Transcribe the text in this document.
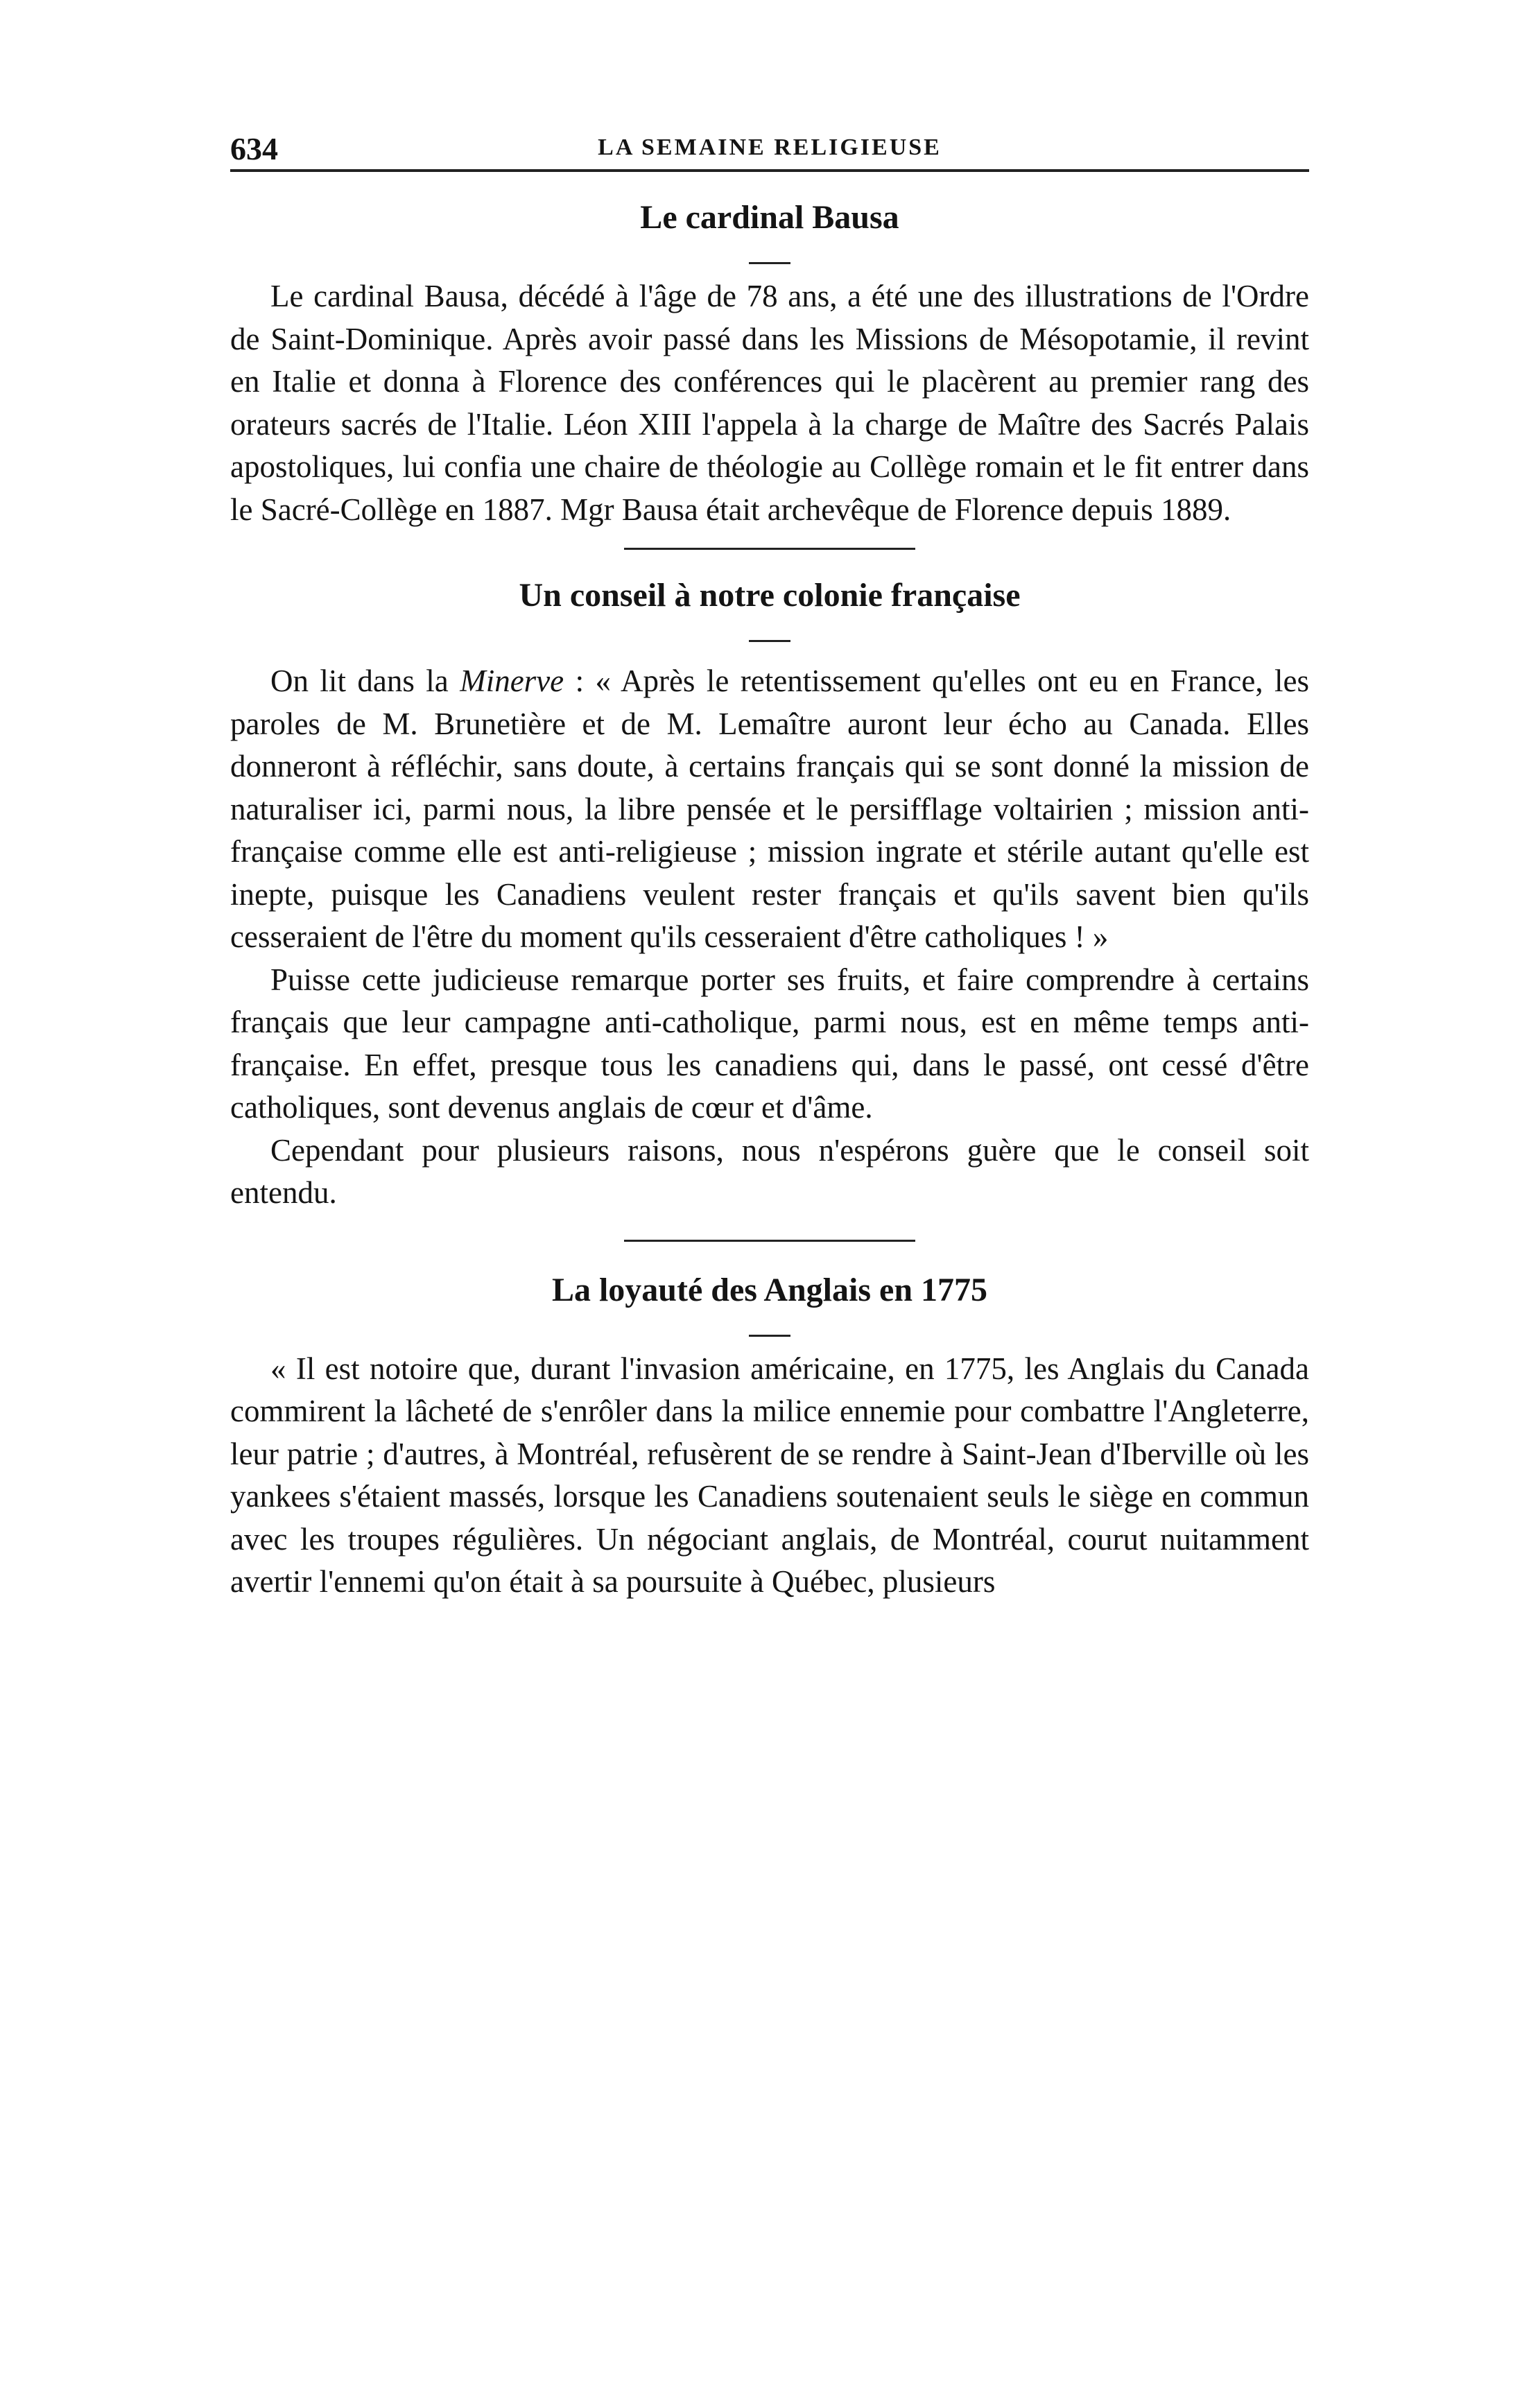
634	LA SEMAINE RELIGIEUSE
Le cardinal Bausa

Le cardinal Bausa, décédé à l'âge de 78 ans, a été une des illustrations de l'Ordre de Saint-Dominique. Après avoir passé dans les Missions de Mésopotamie, il revint en Italie et donna à Florence des conférences qui le placèrent au premier rang des orateurs sacrés de l'Italie. Léon XIII l'appela à la charge de Maître des Sacrés Palais apostoliques, lui confia une chaire de théologie au Collège romain et le fit entrer dans le Sacré-Collège en 1887. Mgr Bausa était archevêque de Florence depuis 1889.

Un conseil à notre colonie française

On lit dans la Minerve : « Après le retentissement qu'elles ont eu en France, les paroles de M. Brunetière et de M. Lemaître auront leur écho au Canada. Elles donneront à réfléchir, sans doute, à certains français qui se sont donné la mission de naturaliser ici, parmi nous, la libre pensée et le persifflage voltairien ; mission anti-française comme elle est anti-religieuse ; mission ingrate et stérile autant qu'elle est inepte, puisque les Canadiens veulent rester français et qu'ils savent bien qu'ils cesseraient de l'être du moment qu'ils cesseraient d'être catholiques ! »

Puisse cette judicieuse remarque porter ses fruits, et faire comprendre à certains français que leur campagne anti-catholique, parmi nous, est en même temps anti-française. En effet, presque tous les canadiens qui, dans le passé, ont cessé d'être catholiques, sont devenus anglais de cœur et d'âme.

Cependant pour plusieurs raisons, nous n'espérons guère que le conseil soit entendu.

La loyauté des Anglais en 1775

« Il est notoire que, durant l'invasion américaine, en 1775, les Anglais du Canada commirent la lâcheté de s'enrôler dans la milice ennemie pour combattre l'Angleterre, leur patrie ; d'autres, à Montréal, refusèrent de se rendre à Saint-Jean d'Iberville où les yankees s'étaient massés, lorsque les Canadiens soutenaient seuls le siège en commun avec les troupes régulières. Un négociant anglais, de Montréal, courut nuitamment avertir l'ennemi qu'on était à sa poursuite à Québec, plusieurs
